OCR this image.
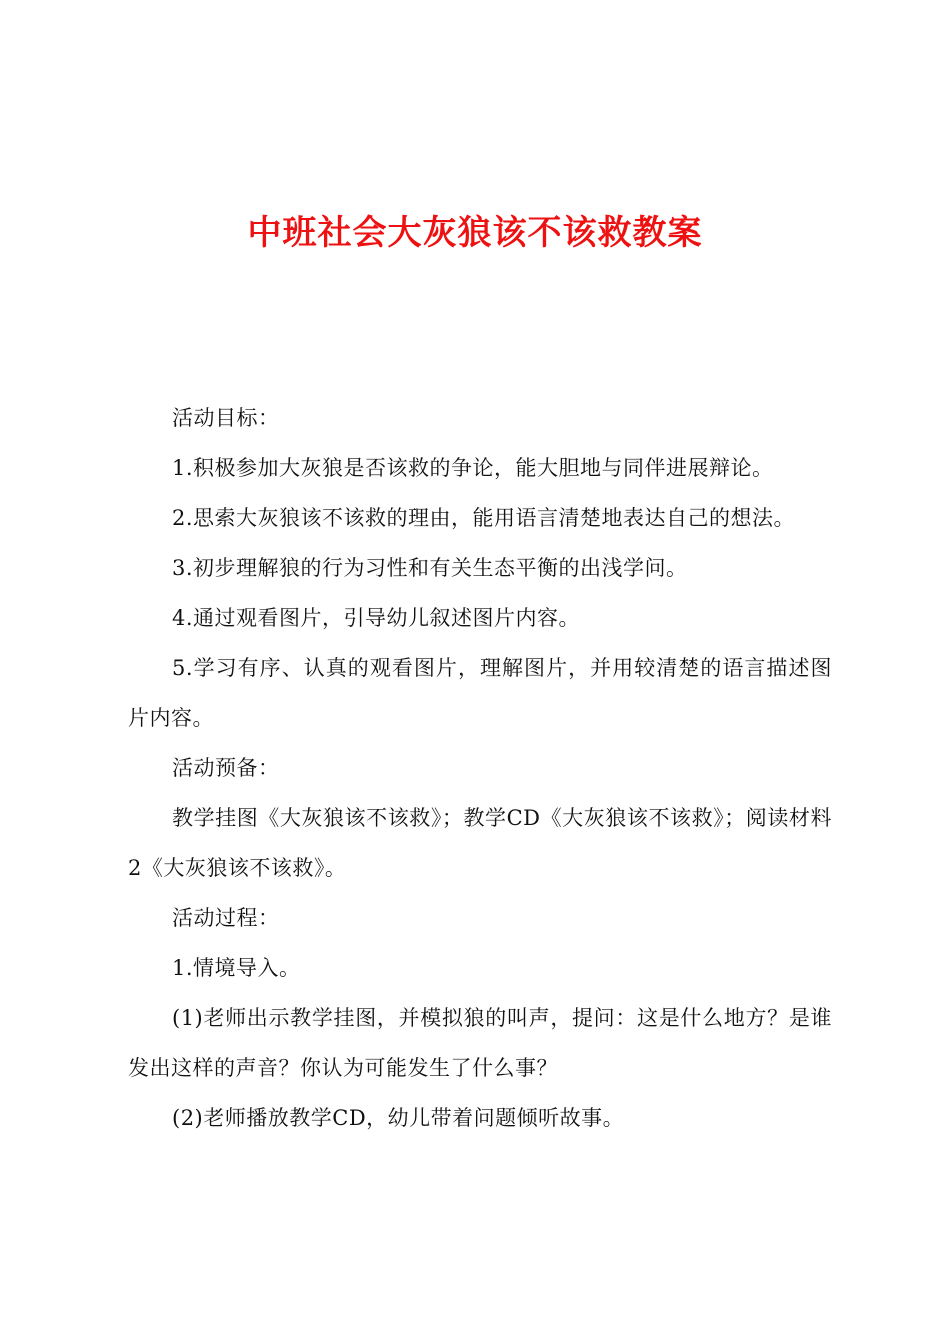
中班社会大灰狼该不该救教案

活动目标：

1.积极参加大灰狼是否该救的争论，能大胆地与同伴进展辩论。

2.思索大灰狼该不该救的理由，能用语言清楚地表达自己的想法。

3.初步理解狼的行为习性和有关生态平衡的出浅学问。

4.通过观看图片，引导幼儿叙述图片内容。

5.学习有序、认真的观看图片，理解图片，并用较清楚的语言描述图片内容。

活动预备：

教学挂图《大灰狼该不该救》；教学CD《大灰狼该不该救》；阅读材料2《大灰狼该不该救》。

活动过程：

1.情境导入。

(1)老师出示教学挂图，并模拟狼的叫声，提问：这是什么地方？是谁发出这样的声音？你认为可能发生了什么事？

(2)老师播放教学CD，幼儿带着问题倾听故事。
